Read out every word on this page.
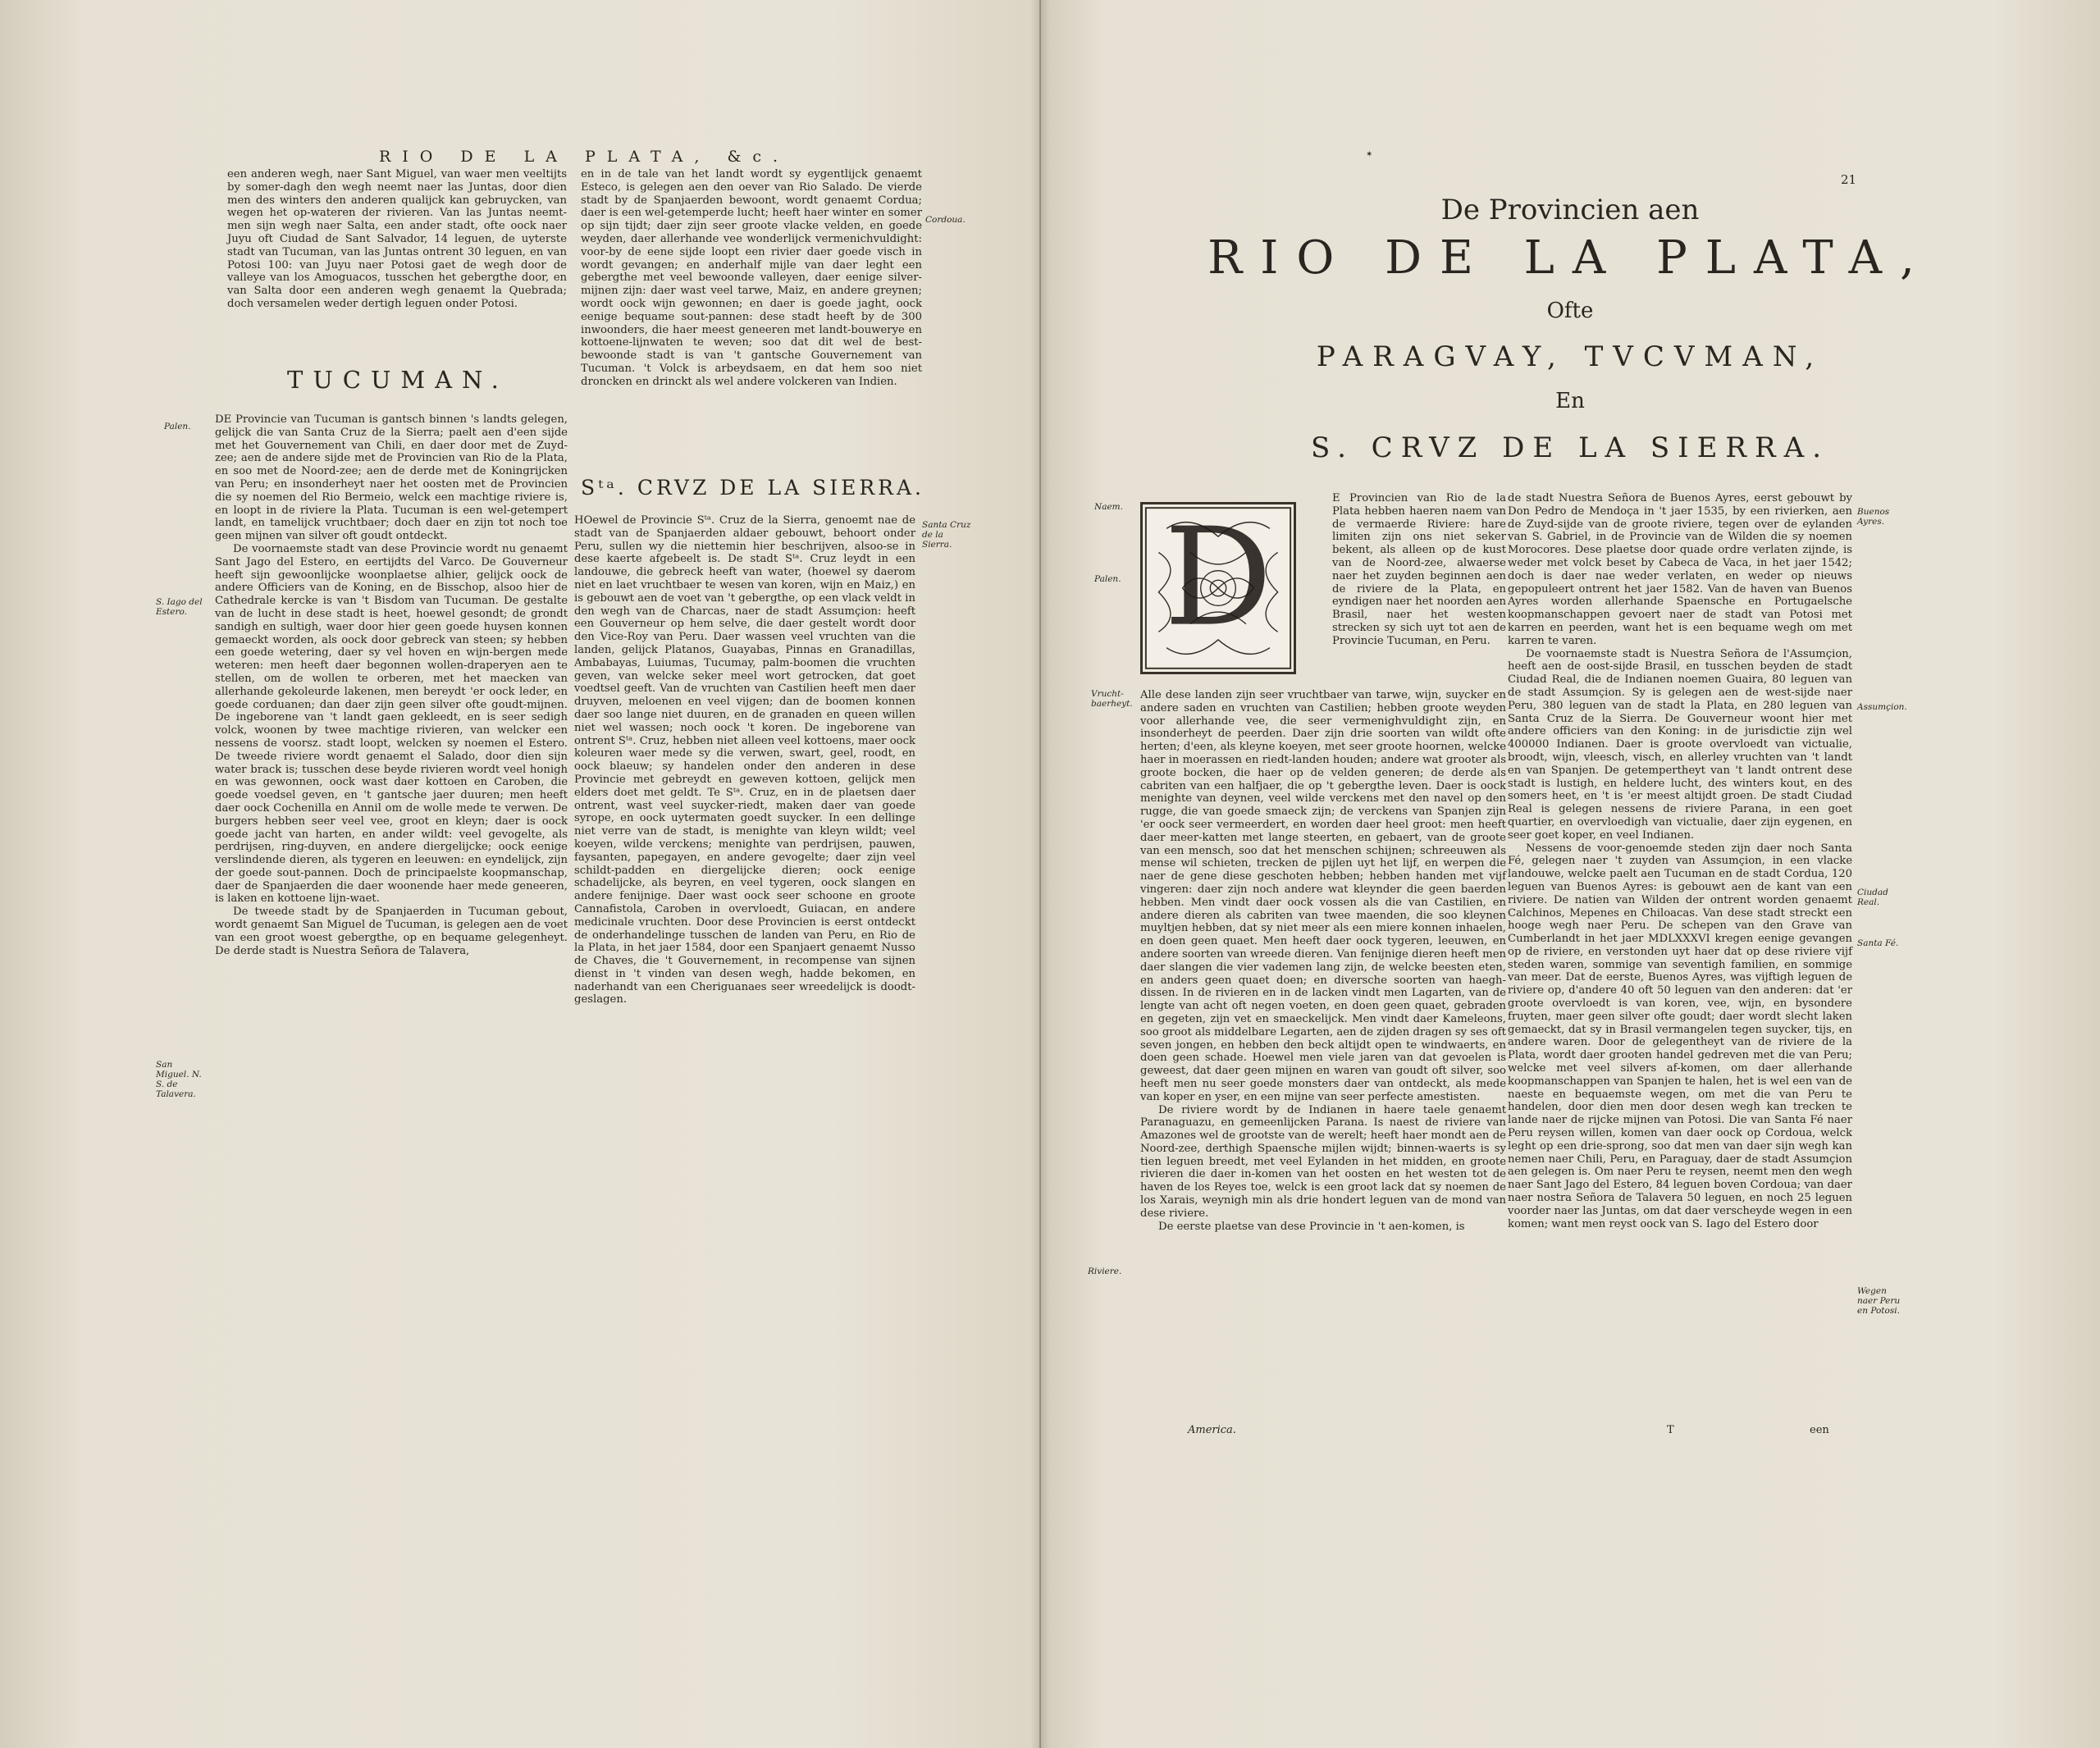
RIO DE LA PLATA, &c.

een anderen wegh, naer Sant Miguel, van waer men veeltijts by somer-dagh den wegh neemt naer las Juntas, door dien men des winters den anderen qualijck kan gebruycken, van wegen het op-wateren der rivieren. Van las Juntas neemt-men sijn wegh naer Salta, een ander stadt, ofte oock naer Juyu oft Ciudad de Sant Salvador, 14 leguen, de uyterste stadt van Tucuman, van las Juntas ontrent 30 leguen, en van Potosi 100: van Juyu naer Potosi gaet de wegh door de valleye van los Amoguacos, tusschen het gebergthe door, en van Salta door een anderen wegh genaemt la Quebrada; doch versamelen weder dertigh leguen onder Potosi.

TUCUMAN.

DE Provincie van Tucuman is gantsch binnen 's landts gelegen, gelijck die van Santa Cruz de la Sierra; paelt aen d'een sijde met het Gouvernement van Chili, en daer door met de Zuyd-zee; aen de andere sijde met de Provincien van Rio de la Plata, en soo met de Noord-zee; aen de derde met de Koningrijcken van Peru; en insonderheyt naer het oosten met de Provincien die sy noemen del Rio Bermeio, welck een machtige riviere is, en loopt in de riviere la Plata. Tucuman is een wel-getempert landt, en tamelijck vruchtbaer; doch daer en zijn tot noch toe geen mijnen van silver oft goudt ontdeckt.

De voornaemste stadt van dese Provincie wordt nu genaemt Sant Jago del Estero, en eertijdts del Varco. De Gouverneur heeft sijn gewoonlijcke woonplaetse alhier, gelijck oock de andere Officiers van de Koning, en de Bisschop, alsoo hier de Cathedrale kercke is van 't Bisdom van Tucuman. De gestalte van de lucht in dese stadt is heet, hoewel gesondt; de grondt sandigh en sultigh, waer door hier geen goede huysen konnen gemaeckt worden, als oock door gebreck van steen; sy hebben een goede wetering, daer sy vel hoven en wijn-bergen mede weteren: men heeft daer begonnen wollen-draperyen aen te stellen, om de wollen te orberen, met het maecken van allerhande gekoleurde lakenen, men bereydt 'er oock leder, en goede corduanen; dan daer zijn geen silver ofte goudt-mijnen. De ingeborene van 't landt gaen gekleedt, en is seer sedigh volck, woonen by twee machtige rivieren, van welcker een nessens de voorsz. stadt loopt, welcken sy noemen el Estero. De tweede riviere wordt genaemt el Salado, door dien sijn water brack is; tusschen dese beyde rivieren wordt veel honigh en was gewonnen, oock wast daer kottoen en Caroben, die goede voedsel geven, en 't gantsche jaer duuren; men heeft daer oock Cochenilla en Annil om de wolle mede te verwen. De burgers hebben seer veel vee, groot en kleyn; daer is oock goede jacht van harten, en ander wildt: veel gevogelte, als perdrijsen, ring-duyven, en andere diergelijcke; oock eenige verslindende dieren, als tygeren en leeuwen: en eyndelijck, zijn der goede sout-pannen. Doch de principaelste koopmanschap, daer de Spanjaerden die daer woonende haer mede geneeren, is laken en kottoene lijn-waet.

De tweede stadt by de Spanjaerden in Tucuman gebout, wordt genaemt San Miguel de Tucuman, is gelegen aen de voet van een groot woest gebergthe, op en bequame gelegenheyt. De derde stadt is Nuestra Señora de Talavera,

en in de tale van het landt wordt sy eygentlijck genaemt Esteco, is gelegen aen den oever van Rio Salado. De vierde stadt by de Spanjaerden bewoont, wordt genaemt Cordua; daer is een wel-getemperde lucht; heeft haer winter en somer op sijn tijdt; daer zijn seer groote vlacke velden, en goede weyden, daer allerhande vee wonderlijck vermenichvuldight: voor-by de eene sijde loopt een rivier daer goede visch in wordt gevangen; en anderhalf mijle van daer leght een gebergthe met veel bewoonde valleyen, daer eenige silver-mijnen zijn: daer wast veel tarwe, Maiz, en andere greynen; wordt oock wijn gewonnen; en daer is goede jaght, oock eenige bequame sout-pannen: dese stadt heeft by de 300 inwoonders, die haer meest geneeren met landt-bouwerye en kottoene-lijnwaten te weven; soo dat dit wel de best-bewoonde stadt is van 't gantsche Gouvernement van Tucuman. 't Volck is arbeydsaem, en dat hem soo niet droncken en drinckt als wel andere volckeren van Indien.

Sᵗᵃ. CRVZ DE LA SIERRA.

HOewel de Provincie Sᵗᵃ. Cruz de la Sierra, genoemt nae de stadt van de Spanjaerden aldaer gebouwt, behoort onder Peru, sullen wy die niettemin hier beschrijven, alsoo-se in dese kaerte afgebeelt is. De stadt Sᵗᵃ. Cruz leydt in een landouwe, die gebreck heeft van water, (hoewel sy daerom niet en laet vruchtbaer te wesen van koren, wijn en Maiz,) en is gebouwt aen de voet van 't gebergthe, op een vlack veldt in den wegh van de Charcas, naer de stadt Assumçion: heeft een Gouverneur op hem selve, die daer gestelt wordt door den Vice-Roy van Peru. Daer wassen veel vruchten van die landen, gelijck Platanos, Guayabas, Pinnas en Granadillas, Ambabayas, Luiumas, Tucumay, palm-boomen die vruchten geven, van welcke seker meel wort getrocken, dat goet voedtsel geeft. Van de vruchten van Castilien heeft men daer druyven, meloenen en veel vijgen; dan de boomen konnen daer soo lange niet duuren, en de granaden en queen willen niet wel wassen; noch oock 't koren. De ingeborene van ontrent Sᵗᵃ. Cruz, hebben niet alleen veel kottoens, maer oock koleuren waer mede sy die verwen, swart, geel, roodt, en oock blaeuw; sy handelen onder den anderen in dese Provincie met gebreydt en geweven kottoen, gelijck men elders doet met geldt. Te Sᵗᵃ. Cruz, en in de plaetsen daer ontrent, wast veel suycker-riedt, maken daer van goede syrope, en oock uytermaten goedt suycker. In een dellinge niet verre van de stadt, is menighte van kleyn wildt; veel koeyen, wilde verckens; menighte van perdrijsen, pauwen, faysanten, papegayen, en andere gevogelte; daer zijn veel schildt-padden en diergelijcke dieren; oock eenige schadelijcke, als beyren, en veel tygeren, oock slangen en andere fenijnige. Daer wast oock seer schoone en groote Cannafistola, Caroben in overvloedt, Guiacan, en andere medicinale vruchten. Door dese Provincien is eerst ontdeckt de onderhandelinge tusschen de landen van Peru, en Rio de la Plata, in het jaer 1584, door een Spanjaert genaemt Nusso de Chaves, die 't Gouvernement, in recompense van sijnen dienst in 't vinden van desen wegh, hadde bekomen, en naderhandt van een Cheriguanaes seer wreedelijck is doodt-geslagen.

Cordoua.
Palen.
S. Iago del Estero.
San Miguel. N. S. de Talavera.
Santa Cruz de la Sierra.
21
✶
De Provincien aen
RIO DE LA PLATA,
Ofte
PARAGVAY, TVCVMAN,
En
S. CRVZ DE LA SIERRA.
D

E Provincien van Rio de la Plata hebben haeren naem van de vermaerde Riviere: hare limiten zijn ons niet seker bekent, als alleen op de kust van de Noord-zee, alwaerse naer het zuyden beginnen aen de riviere de la Plata, en eyndigen naer het noorden aen Brasil, naer het westen strecken sy sich uyt tot aen de Provincie Tucuman, en Peru.

Alle dese landen zijn seer vruchtbaer van tarwe, wijn, suycker en andere saden en vruchten van Castilien; hebben groote weyden voor allerhande vee, die seer vermenighvuldight zijn, en insonderheyt de peerden. Daer zijn drie soorten van wildt ofte herten; d'een, als kleyne koeyen, met seer groote hoornen, welcke haer in moerassen en riedt-landen houden; andere wat grooter als groote bocken, die haer op de velden generen; de derde als cabriten van een halfjaer, die op 't gebergthe leven. Daer is oock menighte van deynen, veel wilde verckens met den navel op den rugge, die van goede smaeck zijn; de verckens van Spanjen zijn 'er oock seer vermeerdert, en worden daer heel groot: men heeft daer meer-katten met lange steerten, en gebaert, van de groote van een mensch, soo dat het menschen schijnen; schreeuwen als mense wil schieten, trecken de pijlen uyt het lijf, en werpen die naer de gene diese geschoten hebben; hebben handen met vijf vingeren: daer zijn noch andere wat kleynder die geen baerden hebben. Men vindt daer oock vossen als die van Castilien, en andere dieren als cabriten van twee maenden, die soo kleynen muyltjen hebben, dat sy niet meer als een miere konnen inhaelen, en doen geen quaet. Men heeft daer oock tygeren, leeuwen, en andere soorten van wreede dieren. Van fenijnige dieren heeft men daer slangen die vier vademen lang zijn, de welcke beesten eten, en anders geen quaet doen; en diversche soorten van haegh-dissen. In de rivieren en in de lacken vindt men Lagarten, van de lengte van acht oft negen voeten, en doen geen quaet, gebraden en gegeten, zijn vet en smaeckelijck. Men vindt daer Kameleons, soo groot als middelbare Legarten, aen de zijden dragen sy ses oft seven jongen, en hebben den beck altijdt open te windwaerts, en doen geen schade. Hoewel men viele jaren van dat gevoelen is geweest, dat daer geen mijnen en waren van goudt oft silver, soo heeft men nu seer goede monsters daer van ontdeckt, als mede van koper en yser, en een mijne van seer perfecte amestisten.

De riviere wordt by de Indianen in haere taele genaemt Paranaguazu, en gemeenlijcken Parana. Is naest de riviere van Amazones wel de grootste van de werelt; heeft haer mondt aen de Noord-zee, derthigh Spaensche mijlen wijdt; binnen-waerts is sy tien leguen breedt, met veel Eylanden in het midden, en groote rivieren die daer in-komen van het oosten en het westen tot de haven de los Reyes toe, welck is een groot lack dat sy noemen de los Xarais, weynigh min als drie hondert leguen van de mond van dese riviere.

De eerste plaetse van dese Provincie in 't aen-komen, is

de stadt Nuestra Señora de Buenos Ayres, eerst gebouwt by Don Pedro de Mendoça in 't jaer 1535, by een rivierken, aen de Zuyd-sijde van de groote riviere, tegen over de eylanden van S. Gabriel, in de Provincie van de Wilden die sy noemen Morocores. Dese plaetse door quade ordre verlaten zijnde, is weder met volck beset by Cabeca de Vaca, in het jaer 1542; doch is daer nae weder verlaten, en weder op nieuws gepopuleert ontrent het jaer 1582. Van de haven van Buenos Ayres worden allerhande Spaensche en Portugaelsche koopmanschappen gevoert naer de stadt van Potosi met karren en peerden, want het is een bequame wegh om met karren te varen.

De voornaemste stadt is Nuestra Señora de l'Assumçion, heeft aen de oost-sijde Brasil, en tusschen beyden de stadt Ciudad Real, die de Indianen noemen Guaira, 80 leguen van de stadt Assumçion. Sy is gelegen aen de west-sijde naer Peru, 380 leguen van de stadt la Plata, en 280 leguen van Santa Cruz de la Sierra. De Gouverneur woont hier met andere officiers van den Koning: in de jurisdictie zijn wel 400000 Indianen. Daer is groote overvloedt van victualie, broodt, wijn, vleesch, visch, en allerley vruchten van 't landt en van Spanjen. De getempertheyt van 't landt ontrent dese stadt is lustigh, en heldere lucht, des winters kout, en des somers heet, en 't is 'er meest altijdt groen. De stadt Ciudad Real is gelegen nessens de riviere Parana, in een goet quartier, en overvloedigh van victualie, daer zijn eygenen, en seer goet koper, en veel Indianen.

Nessens de voor-genoemde steden zijn daer noch Santa Fé, gelegen naer 't zuyden van Assumçion, in een vlacke landouwe, welcke paelt aen Tucuman en de stadt Cordua, 120 leguen van Buenos Ayres: is gebouwt aen de kant van een riviere. De natien van Wilden der ontrent worden genaemt Calchinos, Mepenes en Chiloacas. Van dese stadt streckt een hooge wegh naer Peru. De schepen van den Grave van Cumberlandt in het jaer MDLXXXVI kregen eenige gevangen op de riviere, en verstonden uyt haer dat op dese riviere vijf steden waren, sommige van seventigh familien, en sommige van meer. Dat de eerste, Buenos Ayres, was vijftigh leguen de riviere op, d'andere 40 oft 50 leguen van den anderen: dat 'er groote overvloedt is van koren, vee, wijn, en bysondere fruyten, maer geen silver ofte goudt; daer wordt slecht laken gemaeckt, dat sy in Brasil vermangelen tegen suycker, tijs, en andere waren. Door de gelegentheyt van de riviere de la Plata, wordt daer grooten handel gedreven met die van Peru; welcke met veel silvers af-komen, om daer allerhande koopmanschappen van Spanjen te halen, het is wel een van de naeste en bequaemste wegen, om met die van Peru te handelen, door dien men door desen wegh kan trecken te lande naer de rijcke mijnen van Potosi. Die van Santa Fé naer Peru reysen willen, komen van daer oock op Cordoua, welck leght op een drie-sprong, soo dat men van daer sijn wegh kan nemen naer Chili, Peru, en Paraguay, daer de stadt Assumçion aen gelegen is. Om naer Peru te reysen, neemt men den wegh naer Sant Jago del Estero, 84 leguen boven Cordoua; van daer naer nostra Señora de Talavera 50 leguen, en noch 25 leguen voorder naer las Juntas, om dat daer verscheyde wegen in een komen; want men reyst oock van S. Iago del Estero door

Naem.
Palen.
Vrucht-baerheyt.
Riviere.
Buenos Ayres.
Assumçion.
Ciudad Real.
Santa Fé.
Wegen naer Peru en Potosi.
America.	T	een
